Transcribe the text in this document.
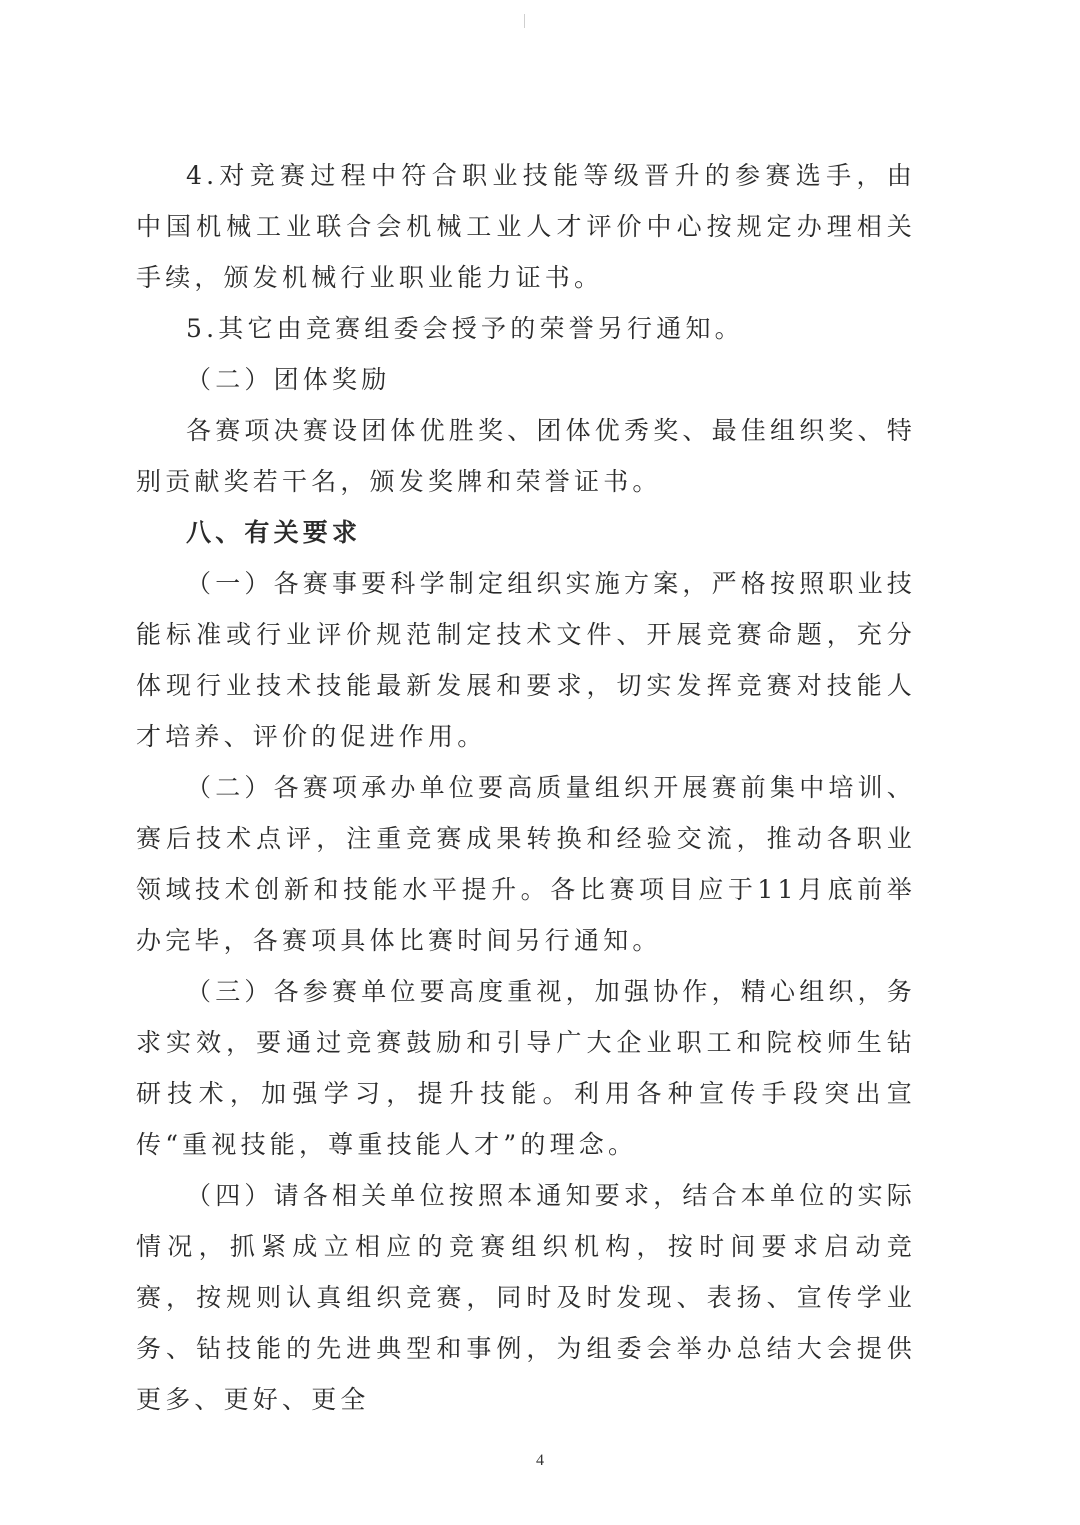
4.对竞赛过程中符合职业技能等级晋升的参赛选手，由中国机械工业联合会机械工业人才评价中心按规定办理相关手续，颁发机械行业职业能力证书。

5.其它由竞赛组委会授予的荣誉另行通知。

（二）团体奖励

各赛项决赛设团体优胜奖、团体优秀奖、最佳组织奖、特别贡献奖若干名，颁发奖牌和荣誉证书。

八、有关要求

（一）各赛事要科学制定组织实施方案，严格按照职业技能标准或行业评价规范制定技术文件、开展竞赛命题，充分体现行业技术技能最新发展和要求，切实发挥竞赛对技能人才培养、评价的促进作用。

（二）各赛项承办单位要高质量组织开展赛前集中培训、赛后技术点评，注重竞赛成果转换和经验交流，推动各职业领域技术创新和技能水平提升。各比赛项目应于11月底前举办完毕，各赛项具体比赛时间另行通知。

（三）各参赛单位要高度重视，加强协作，精心组织，务求实效，要通过竞赛鼓励和引导广大企业职工和院校师生钻研技术，加强学习，提升技能。利用各种宣传手段突出宣传“重视技能，尊重技能人才”的理念。

（四）请各相关单位按照本通知要求，结合本单位的实际情况，抓紧成立相应的竞赛组织机构，按时间要求启动竞赛，按规则认真组织竞赛，同时及时发现、表扬、宣传学业务、钻技能的先进典型和事例，为组委会举办总结大会提供更多、更好、更全

4
